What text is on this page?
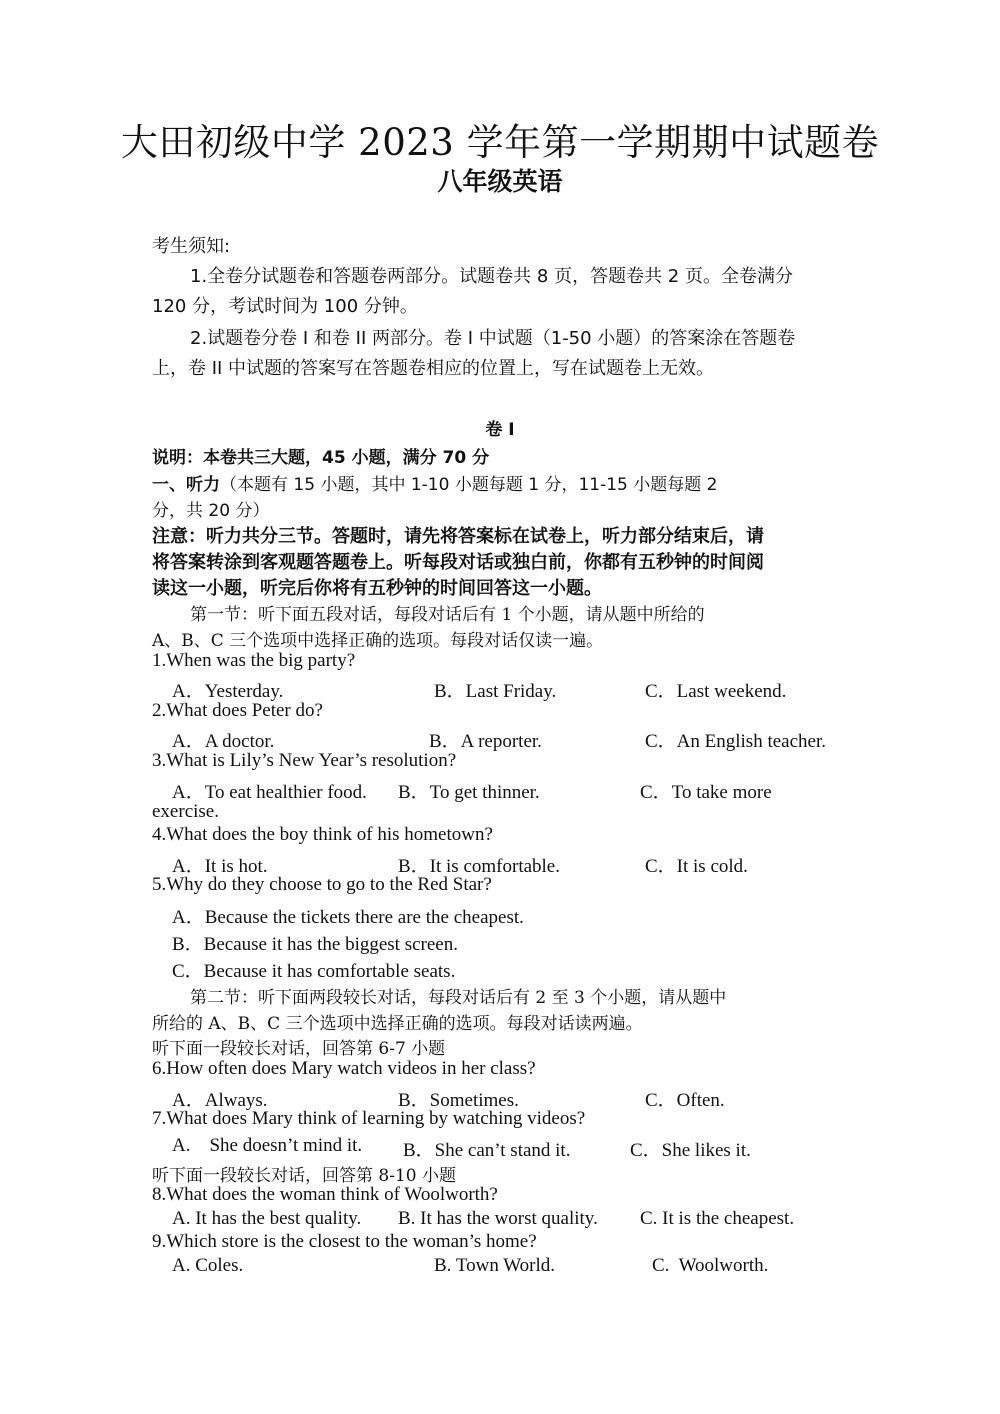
大田初级中学 2023 学年第一学期期中试题卷
八年级英语
考生须知:
1.全卷分试题卷和答题卷两部分。试题卷共 8 页，答题卷共 2 页。全卷满分
120 分，考试时间为 100 分钟。
2.试题卷分卷 I 和卷 II 两部分。卷 I 中试题（1-50 小题）的答案涂在答题卷
上，卷 II 中试题的答案写在答题卷相应的位置上，写在试题卷上无效。
卷 I
说明：本卷共三大题，45 小题，满分 70 分
一、听力（本题有 15 小题，其中 1-10 小题每题 1 分，11-15 小题每题 2
分，共 20 分）
注意：听力共分三节。答题时，请先将答案标在试卷上，听力部分结束后，请
将答案转涂到客观题答题卷上。听每段对话或独白前，你都有五秒钟的时间阅
读这一小题，听完后你将有五秒钟的时间回答这一小题。
第一节：听下面五段对话，每段对话后有 1 个小题，请从题中所给的
A、B、C 三个选项中选择正确的选项。每段对话仅读一遍。
1.When was the big party?
A．Yesterday.	B．Last Friday.	C．Last weekend.
2.What does Peter do?
A．A doctor.	B．A reporter.	C．An English teacher.
3.What is Lily’s New Year’s resolution?
A．To eat healthier food. B．To get thinner.	C．To take more
exercise.
4.What does the boy think of his hometown?
A．It is hot.	B．It is comfortable.	C．It is cold.
5.Why do they choose to go to the Red Star?
A．Because the tickets there are the cheapest.
B．Because it has the biggest screen.
C．Because it has comfortable seats.
第二节：听下面两段较长对话，每段对话后有 2 至 3 个小题，请从题中
所给的 A、B、C 三个选项中选择正确的选项。每段对话读两遍。
听下面一段较长对话，回答第 6-7 小题
6.How often does Mary watch videos in her class?
A．Always.	B．Sometimes.	C．Often.
7.What does Mary think of learning by watching videos?
A.    She doesn’t mind it. B．She can’t stand it.	C．She likes it.
听下面一段较长对话，回答第 8-10 小题
8.What does the woman think of Woolworth?
A. It has the best quality. B. It has the worst quality. C. It is the cheapest.
9.Which store is the closest to the woman’s home?
A. Coles.	B. Town World.	C.  Woolworth.
